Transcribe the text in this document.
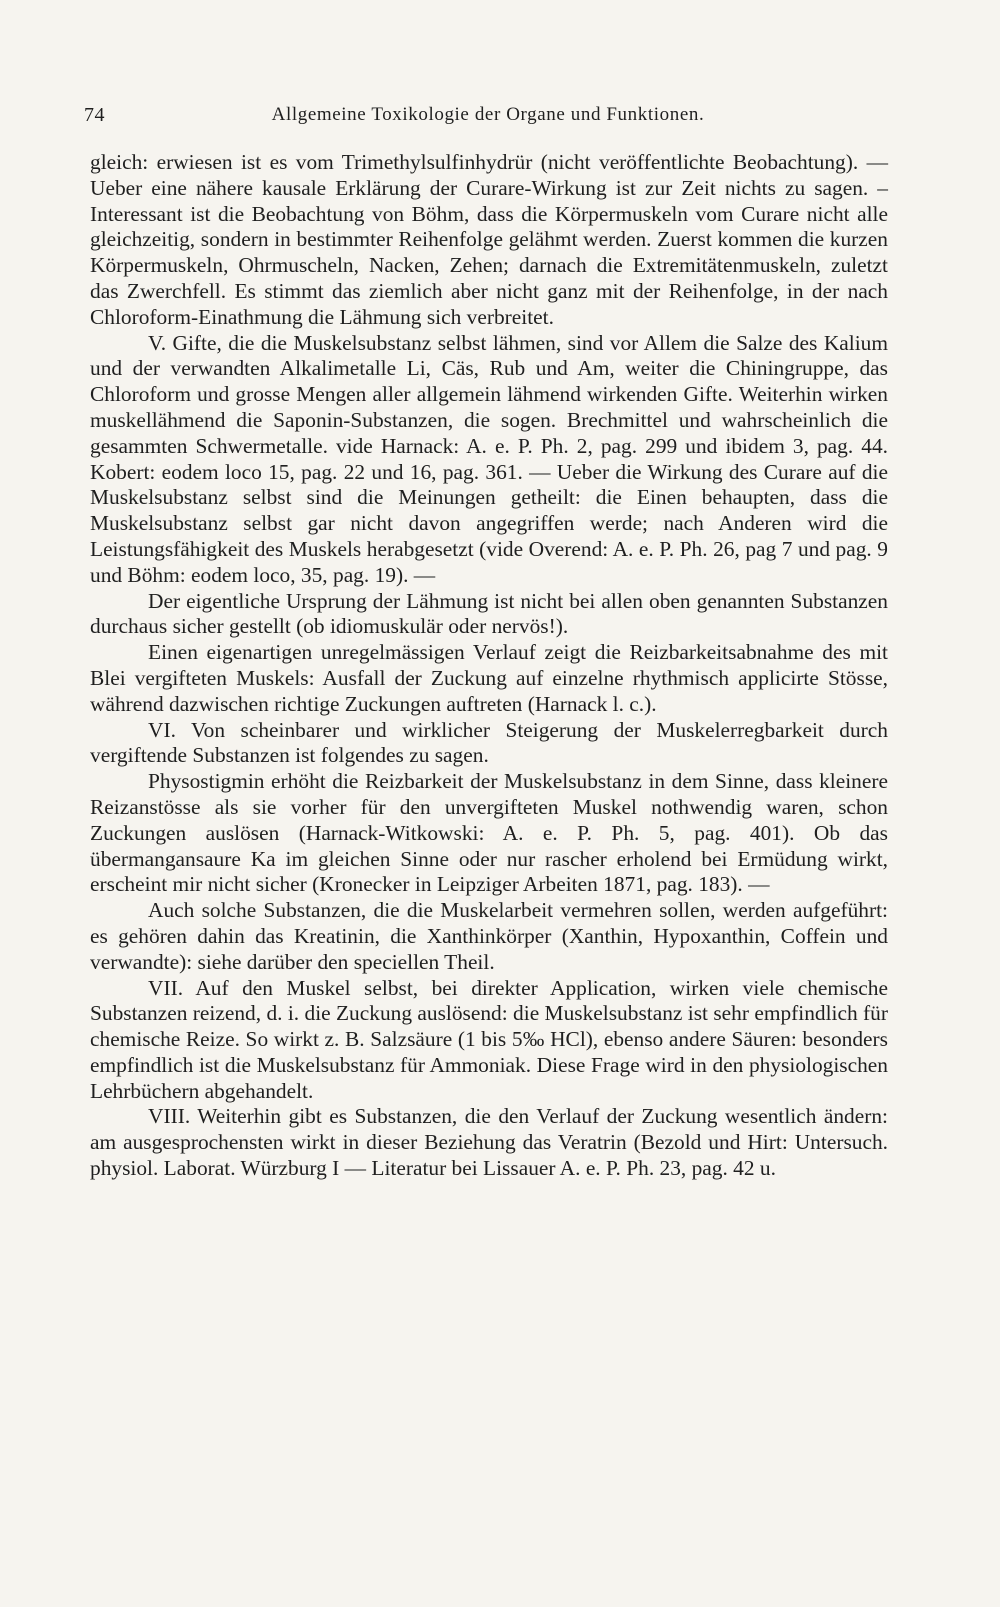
74	Allgemeine Toxikologie der Organe und Funktionen.

gleich: erwiesen ist es vom Trimethylsulfinhydrür (nicht veröffentlichte Beobachtung). — Ueber eine nähere kausale Erklärung der Curare-Wirkung ist zur Zeit nichts zu sagen. – Interessant ist die Beobachtung von Böhm, dass die Körpermuskeln vom Curare nicht alle gleichzeitig, sondern in bestimmter Reihenfolge gelähmt werden. Zuerst kommen die kurzen Körpermuskeln, Ohrmuscheln, Nacken, Zehen; darnach die Extremitätenmuskeln, zuletzt das Zwerchfell. Es stimmt das ziemlich aber nicht ganz mit der Reihenfolge, in der nach Chloroform-Einathmung die Lähmung sich verbreitet.

V. Gifte, die die Muskelsubstanz selbst lähmen, sind vor Allem die Salze des Kalium und der verwandten Alkalimetalle Li, Cäs, Rub und Am, weiter die Chiningruppe, das Chloroform und grosse Mengen aller allgemein lähmend wirkenden Gifte. Weiterhin wirken muskellähmend die Saponin-Substanzen, die sogen. Brechmittel und wahrscheinlich die gesammten Schwermetalle. vide Harnack: A. e. P. Ph. 2, pag. 299 und ibidem 3, pag. 44. Kobert: eodem loco 15, pag. 22 und 16, pag. 361. — Ueber die Wirkung des Curare auf die Muskelsubstanz selbst sind die Meinungen getheilt: die Einen behaupten, dass die Muskelsubstanz selbst gar nicht davon angegriffen werde; nach Anderen wird die Leistungsfähigkeit des Muskels herabgesetzt (vide Overend: A. e. P. Ph. 26, pag 7 und pag. 9 und Böhm: eodem loco, 35, pag. 19). —

Der eigentliche Ursprung der Lähmung ist nicht bei allen oben genannten Substanzen durchaus sicher gestellt (ob idiomuskulär oder nervös!).

Einen eigenartigen unregelmässigen Verlauf zeigt die Reizbarkeitsabnahme des mit Blei vergifteten Muskels: Ausfall der Zuckung auf einzelne rhythmisch applicirte Stösse, während dazwischen richtige Zuckungen auftreten (Harnack l. c.).

VI. Von scheinbarer und wirklicher Steigerung der Muskelerregbarkeit durch vergiftende Substanzen ist folgendes zu sagen.

Physostigmin erhöht die Reizbarkeit der Muskelsubstanz in dem Sinne, dass kleinere Reizanstösse als sie vorher für den unvergifteten Muskel nothwendig waren, schon Zuckungen auslösen (Harnack-Witkowski: A. e. P. Ph. 5, pag. 401). Ob das übermangansaure Ka im gleichen Sinne oder nur rascher erholend bei Ermüdung wirkt, erscheint mir nicht sicher (Kronecker in Leipziger Arbeiten 1871, pag. 183). —

Auch solche Substanzen, die die Muskelarbeit vermehren sollen, werden aufgeführt: es gehören dahin das Kreatinin, die Xanthinkörper (Xanthin, Hypoxanthin, Coffein und verwandte): siehe darüber den speciellen Theil.

VII. Auf den Muskel selbst, bei direkter Application, wirken viele chemische Substanzen reizend, d. i. die Zuckung auslösend: die Muskelsubstanz ist sehr empfindlich für chemische Reize. So wirkt z. B. Salzsäure (1 bis 5‰ HCl), ebenso andere Säuren: besonders empfindlich ist die Muskelsubstanz für Ammoniak. Diese Frage wird in den physiologischen Lehrbüchern abgehandelt.

VIII. Weiterhin gibt es Substanzen, die den Verlauf der Zuckung wesentlich ändern: am ausgesprochensten wirkt in dieser Beziehung das Veratrin (Bezold und Hirt: Untersuch. physiol. Laborat. Würzburg I — Literatur bei Lissauer A. e. P. Ph. 23, pag. 42 u.
